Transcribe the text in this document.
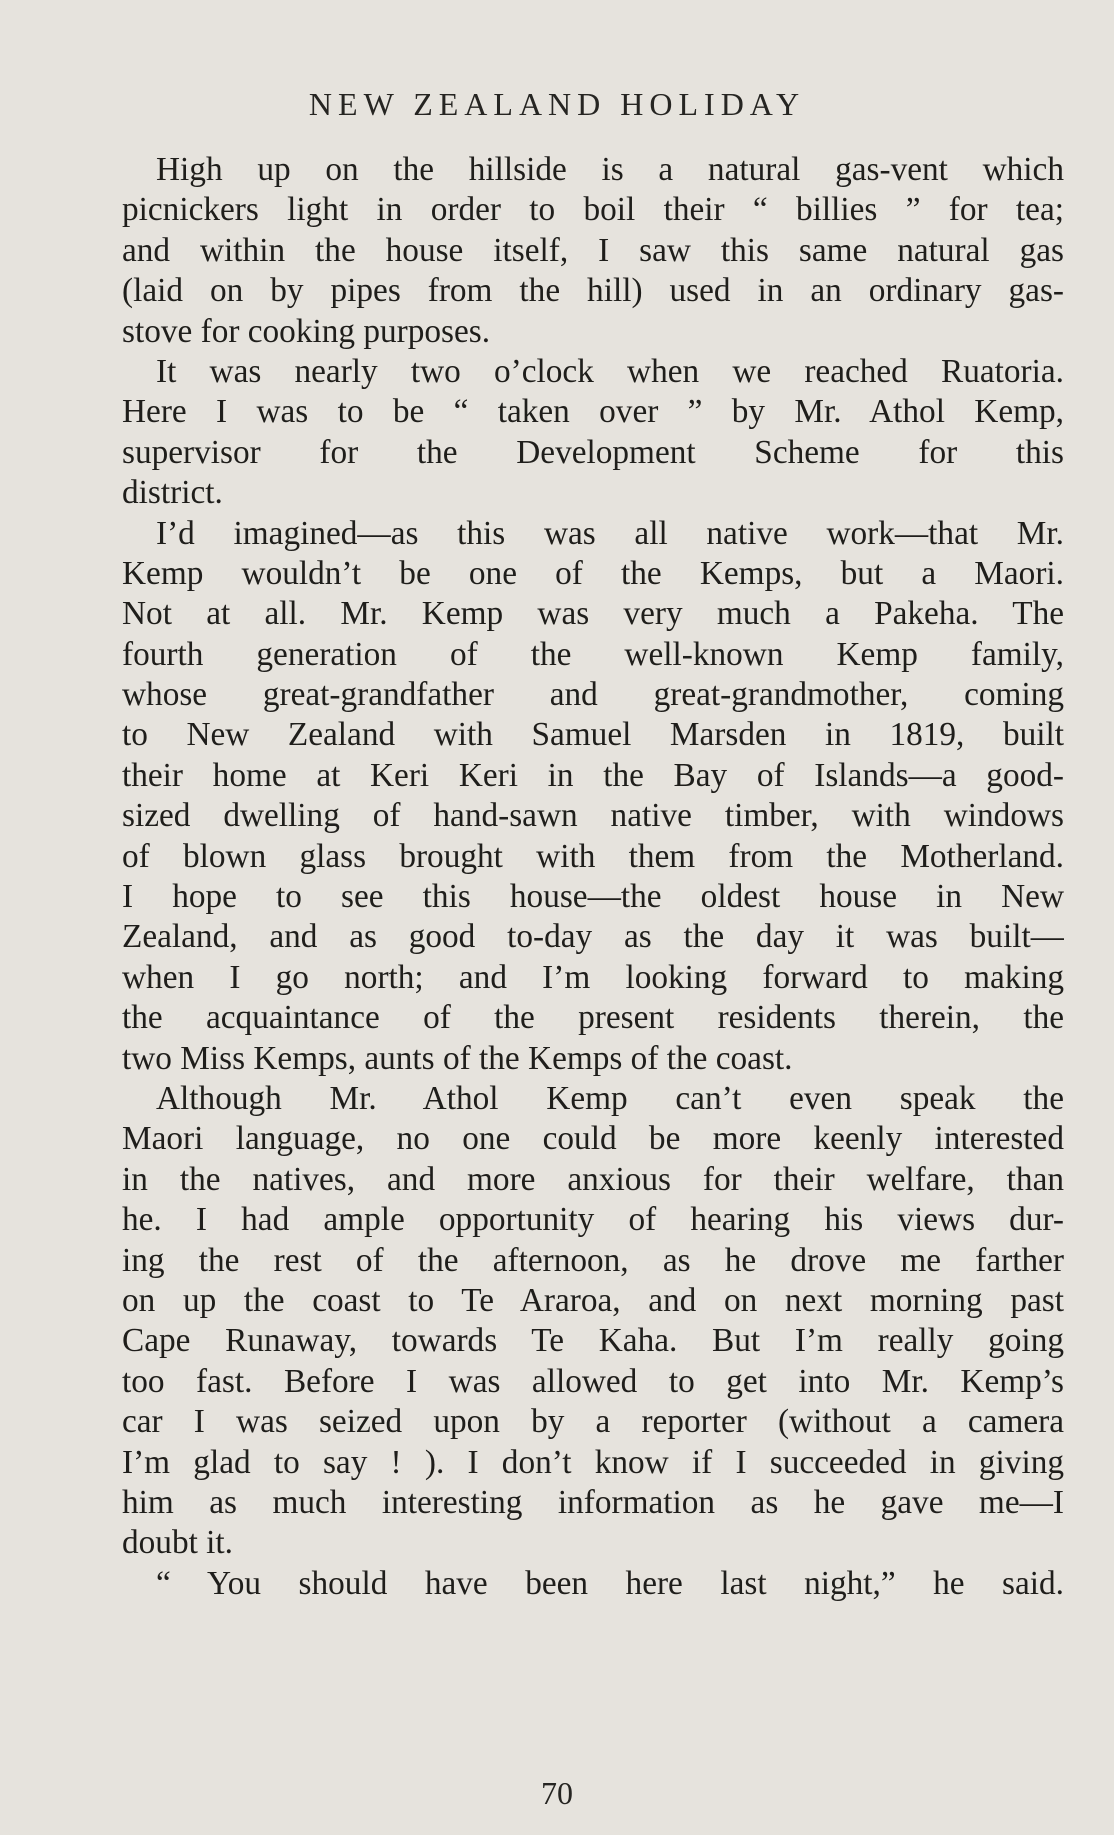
NEW ZEALAND HOLIDAY
High up on the hillside is a natural gas-vent which
picnickers light in order to boil their “ billies ” for tea;
and within the house itself, I saw this same natural gas
(laid on by pipes from the hill) used in an ordinary gas-
stove for cooking purposes.
It was nearly two o’clock when we reached Ruatoria.
Here I was to be “ taken over ” by Mr. Athol Kemp,
supervisor for the Development Scheme for this
district.
I’d imagined—as this was all native work—that Mr.
Kemp wouldn’t be one of the Kemps, but a Maori.
Not at all. Mr. Kemp was very much a Pakeha. The
fourth generation of the well-known Kemp family,
whose great-grandfather and great-grandmother, coming
to New Zealand with Samuel Marsden in 1819, built
their home at Keri Keri in the Bay of Islands—a good-
sized dwelling of hand-sawn native timber, with windows
of blown glass brought with them from the Motherland.
I hope to see this house—the oldest house in New
Zealand, and as good to-day as the day it was built—
when I go north; and I’m looking forward to making
the acquaintance of the present residents therein, the
two Miss Kemps, aunts of the Kemps of the coast.
Although Mr. Athol Kemp can’t even speak the
Maori language, no one could be more keenly interested
in the natives, and more anxious for their welfare, than
he. I had ample opportunity of hearing his views dur-
ing the rest of the afternoon, as he drove me farther
on up the coast to Te Araroa, and on next morning past
Cape Runaway, towards Te Kaha. But I’m really going
too fast. Before I was allowed to get into Mr. Kemp’s
car I was seized upon by a reporter (without a camera
I’m glad to say ! ). I don’t know if I succeeded in giving
him as much interesting information as he gave me—I
doubt it.
“ You should have been here last night,” he said.
70
